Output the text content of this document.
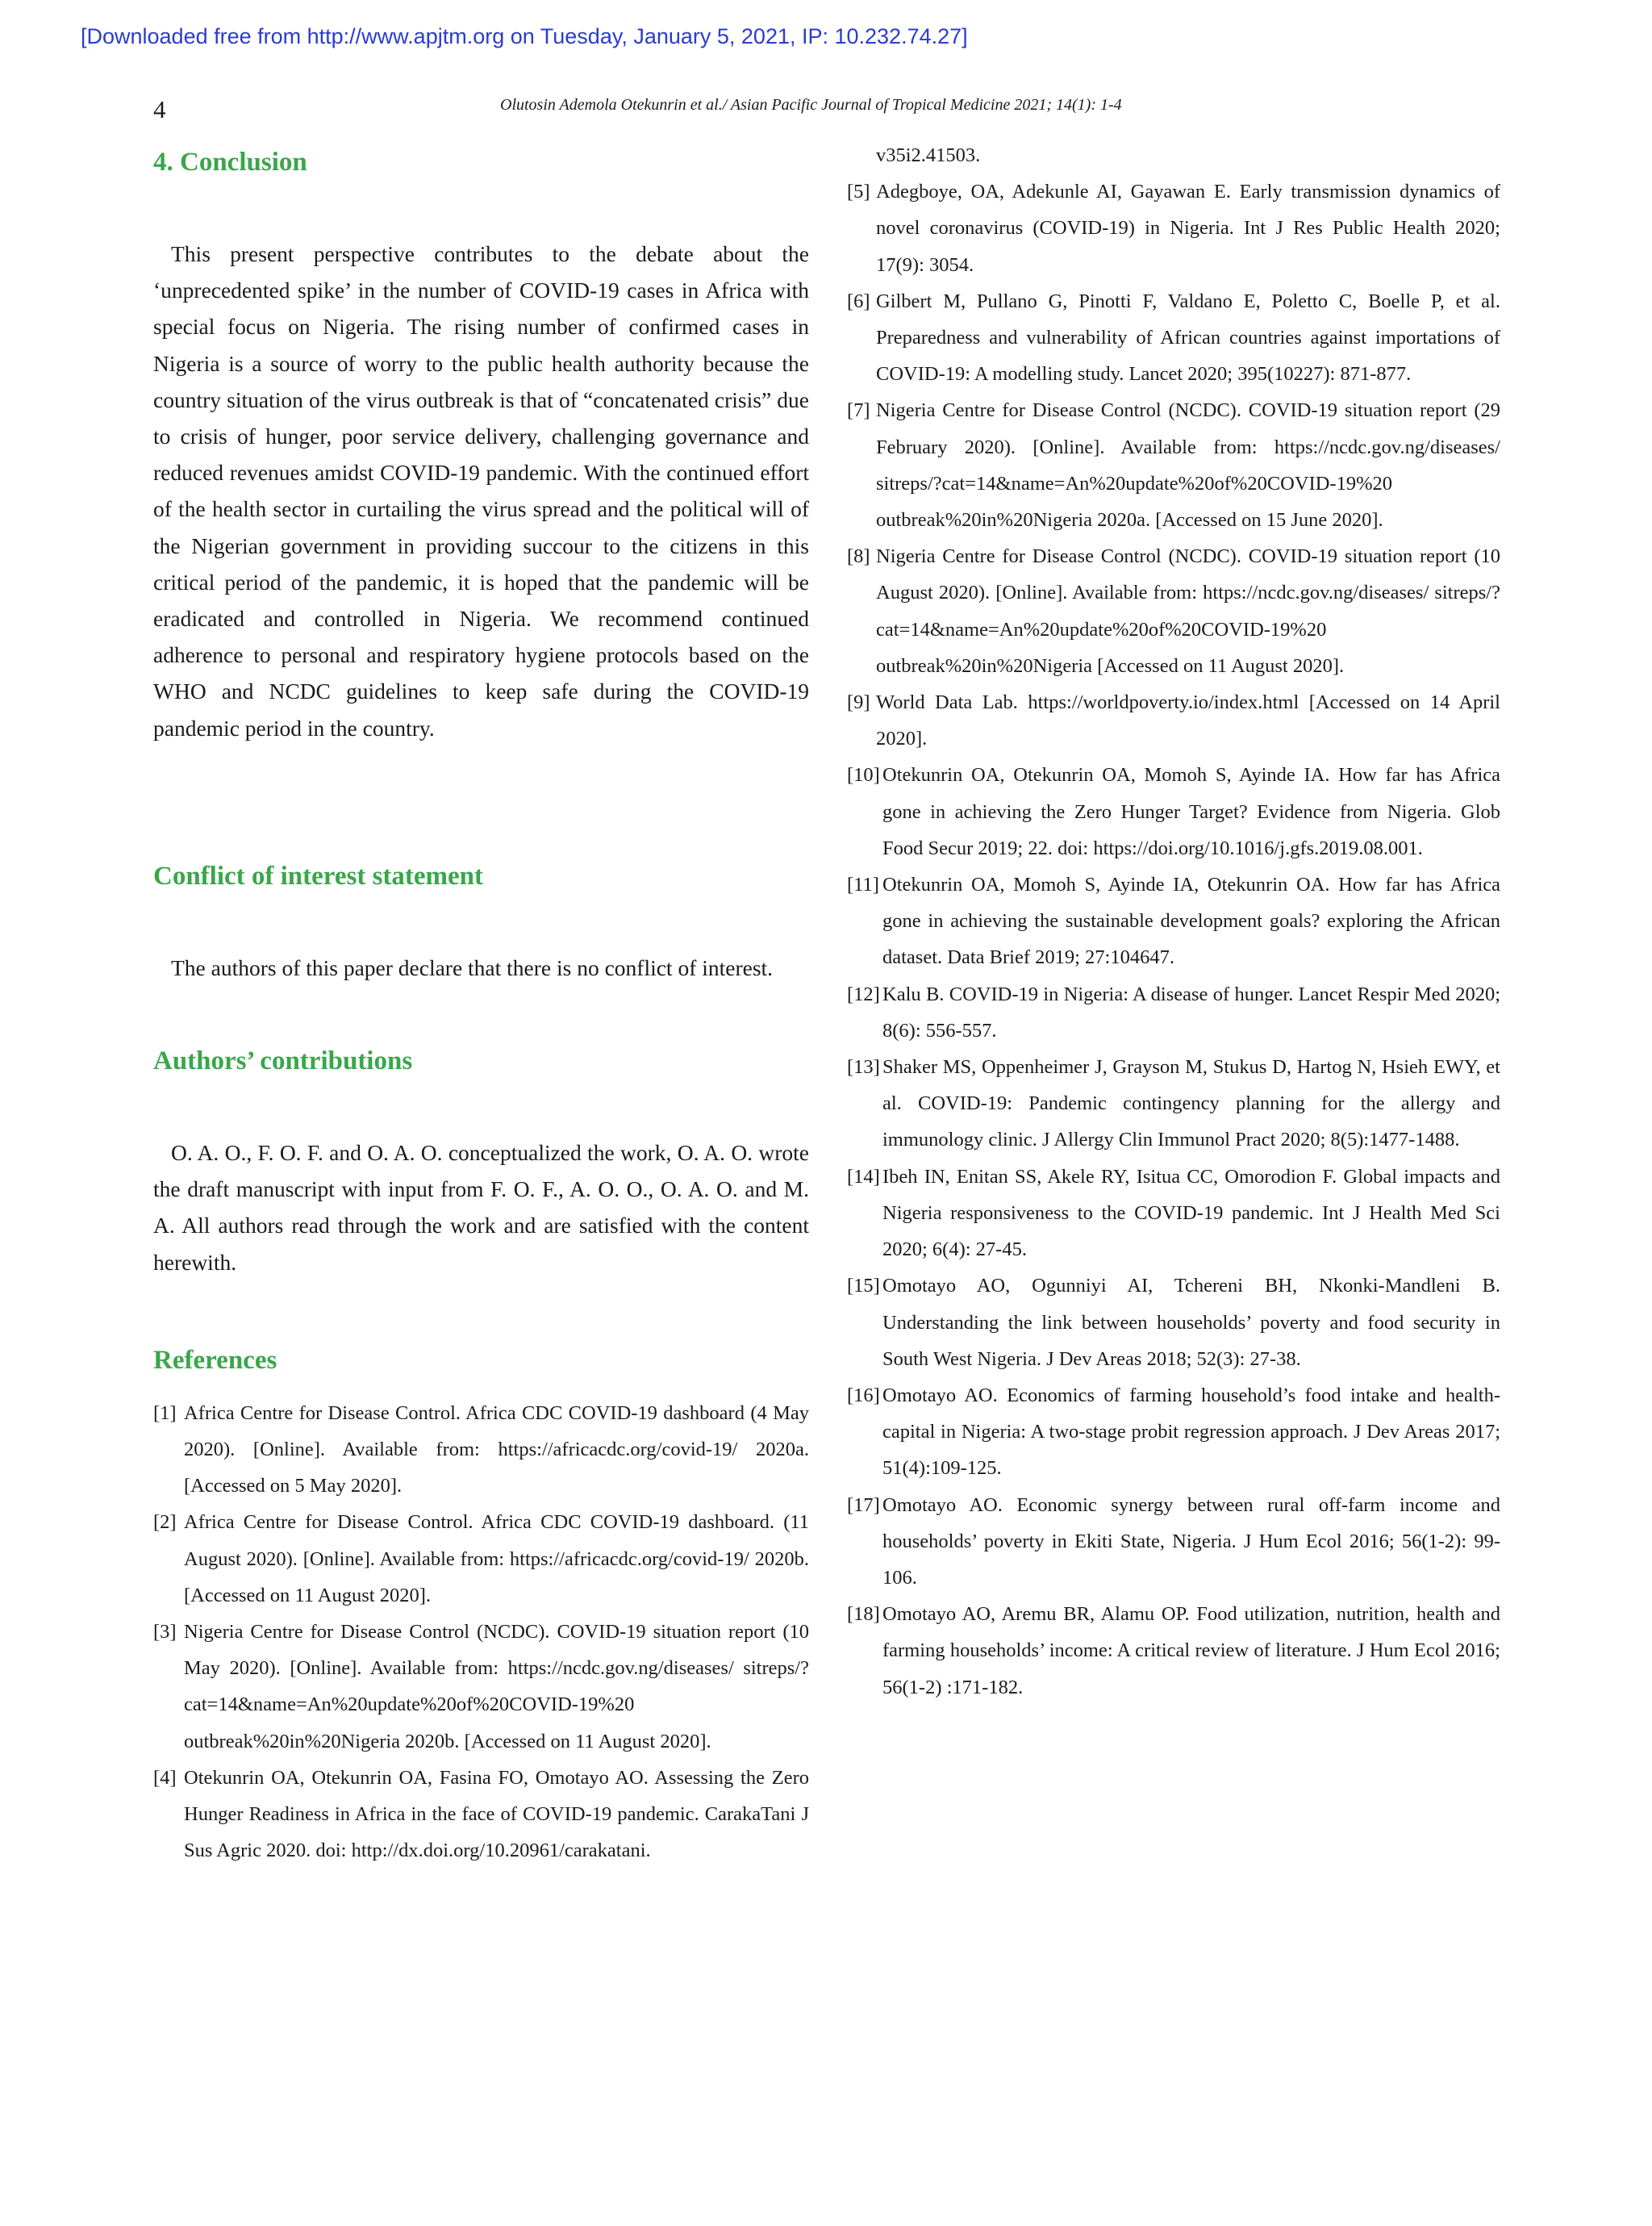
[Downloaded free from http://www.apjtm.org on Tuesday, January 5, 2021, IP: 10.232.74.27]
4	Olutosin Ademola Otekunrin et al./ Asian Pacific Journal of Tropical Medicine 2021; 14(1): 1-4
4. Conclusion

This present perspective contributes to the debate about the ‘unprecedented spike’ in the number of COVID-19 cases in Africa with special focus on Nigeria. The rising number of confirmed cases in Nigeria is a source of worry to the public health authority because the country situation of the virus outbreak is that of “concatenated crisis” due to crisis of hunger, poor service delivery, challenging governance and reduced revenues amidst COVID-19 pandemic. With the continued effort of the health sector in curtailing the virus spread and the political will of the Nigerian government in providing succour to the citizens in this critical period of the pandemic, it is hoped that the pandemic will be eradicated and controlled in Nigeria. We recommend continued adherence to personal and respiratory hygiene protocols based on the WHO and NCDC guidelines to keep safe during the COVID-19 pandemic period in the country.

Conflict of interest statement

The authors of this paper declare that there is no conflict of interest.

Authors’ contributions

O. A. O., F. O. F. and O. A. O. conceptualized the work, O. A. O. wrote the draft manuscript with input from F. O. F., A. O. O., O. A. O. and M. A. All authors read through the work and are satisfied with the content herewith.

References
[1] Africa Centre for Disease Control. Africa CDC COVID-19 dashboard (4 May 2020). [Online]. Available from: https://africacdc.org/covid-19/ 2020a. [Accessed on 5 May 2020].
[2] Africa Centre for Disease Control. Africa CDC COVID-19 dashboard. (11 August 2020). [Online]. Available from: https://africacdc.org/covid-19/ 2020b. [Accessed on 11 August 2020].
[3] Nigeria Centre for Disease Control (NCDC). COVID-19 situation report (10 May 2020). [Online]. Available from: https://ncdc.gov.ng/diseases/ sitreps/?cat=14&name=An%20update%20of%20COVID-19%20 outbreak%20in%20Nigeria 2020b. [Accessed on 11 August 2020].
[4] Otekunrin OA, Otekunrin OA, Fasina FO, Omotayo AO. Assessing the Zero Hunger Readiness in Africa in the face of COVID-19 pandemic. CarakaTani J Sus Agric 2020. doi: http://dx.doi.org/10.20961/carakatani.

v35i2.41503.

[5] Adegboye, OA, Adekunle AI, Gayawan E. Early transmission dynamics of novel coronavirus (COVID-19) in Nigeria. Int J Res Public Health 2020; 17(9): 3054.
[6] Gilbert M, Pullano G, Pinotti F, Valdano E, Poletto C, Boelle P, et al. Preparedness and vulnerability of African countries against importations of COVID-19: A modelling study. Lancet 2020; 395(10227): 871-877.
[7] Nigeria Centre for Disease Control (NCDC). COVID-19 situation report (29 February 2020). [Online]. Available from: https://ncdc.gov.ng/diseases/ sitreps/?cat=14&name=An%20update%20of%20COVID-19%20 outbreak%20in%20Nigeria 2020a. [Accessed on 15 June 2020].
[8] Nigeria Centre for Disease Control (NCDC). COVID-19 situation report (10 August 2020). [Online]. Available from: https://ncdc.gov.ng/diseases/ sitreps/?cat=14&name=An%20update%20of%20COVID-19%20 outbreak%20in%20Nigeria [Accessed on 11 August 2020].
[9] World Data Lab. https://worldpoverty.io/index.html [Accessed on 14 April 2020].
[10] Otekunrin OA, Otekunrin OA, Momoh S, Ayinde IA. How far has Africa gone in achieving the Zero Hunger Target? Evidence from Nigeria. Glob Food Secur 2019; 22. doi: https://doi.org/10.1016/j.gfs.2019.08.001.
[11] Otekunrin OA, Momoh S, Ayinde IA, Otekunrin OA. How far has Africa gone in achieving the sustainable development goals? exploring the African dataset. Data Brief 2019; 27:104647.
[12] Kalu B. COVID-19 in Nigeria: A disease of hunger. Lancet Respir Med 2020; 8(6): 556-557.
[13] Shaker MS, Oppenheimer J, Grayson M, Stukus D, Hartog N, Hsieh EWY, et al. COVID-19: Pandemic contingency planning for the allergy and immunology clinic. J Allergy Clin Immunol Pract 2020; 8(5):1477-1488.
[14] Ibeh IN, Enitan SS, Akele RY, Isitua CC, Omorodion F. Global impacts and Nigeria responsiveness to the COVID-19 pandemic. Int J Health Med Sci 2020; 6(4): 27-45.
[15] Omotayo AO, Ogunniyi AI, Tchereni BH, Nkonki-Mandleni B. Understanding the link between households’ poverty and food security in South West Nigeria. J Dev Areas 2018; 52(3): 27-38.
[16] Omotayo AO. Economics of farming household’s food intake and health-capital in Nigeria: A two-stage probit regression approach. J Dev Areas 2017; 51(4):109-125.
[17] Omotayo AO. Economic synergy between rural off-farm income and households’ poverty in Ekiti State, Nigeria. J Hum Ecol 2016; 56(1-2): 99-106.
[18] Omotayo AO, Aremu BR, Alamu OP. Food utilization, nutrition, health and farming households’ income: A critical review of literature. J Hum Ecol 2016; 56(1-2) :171-182.
